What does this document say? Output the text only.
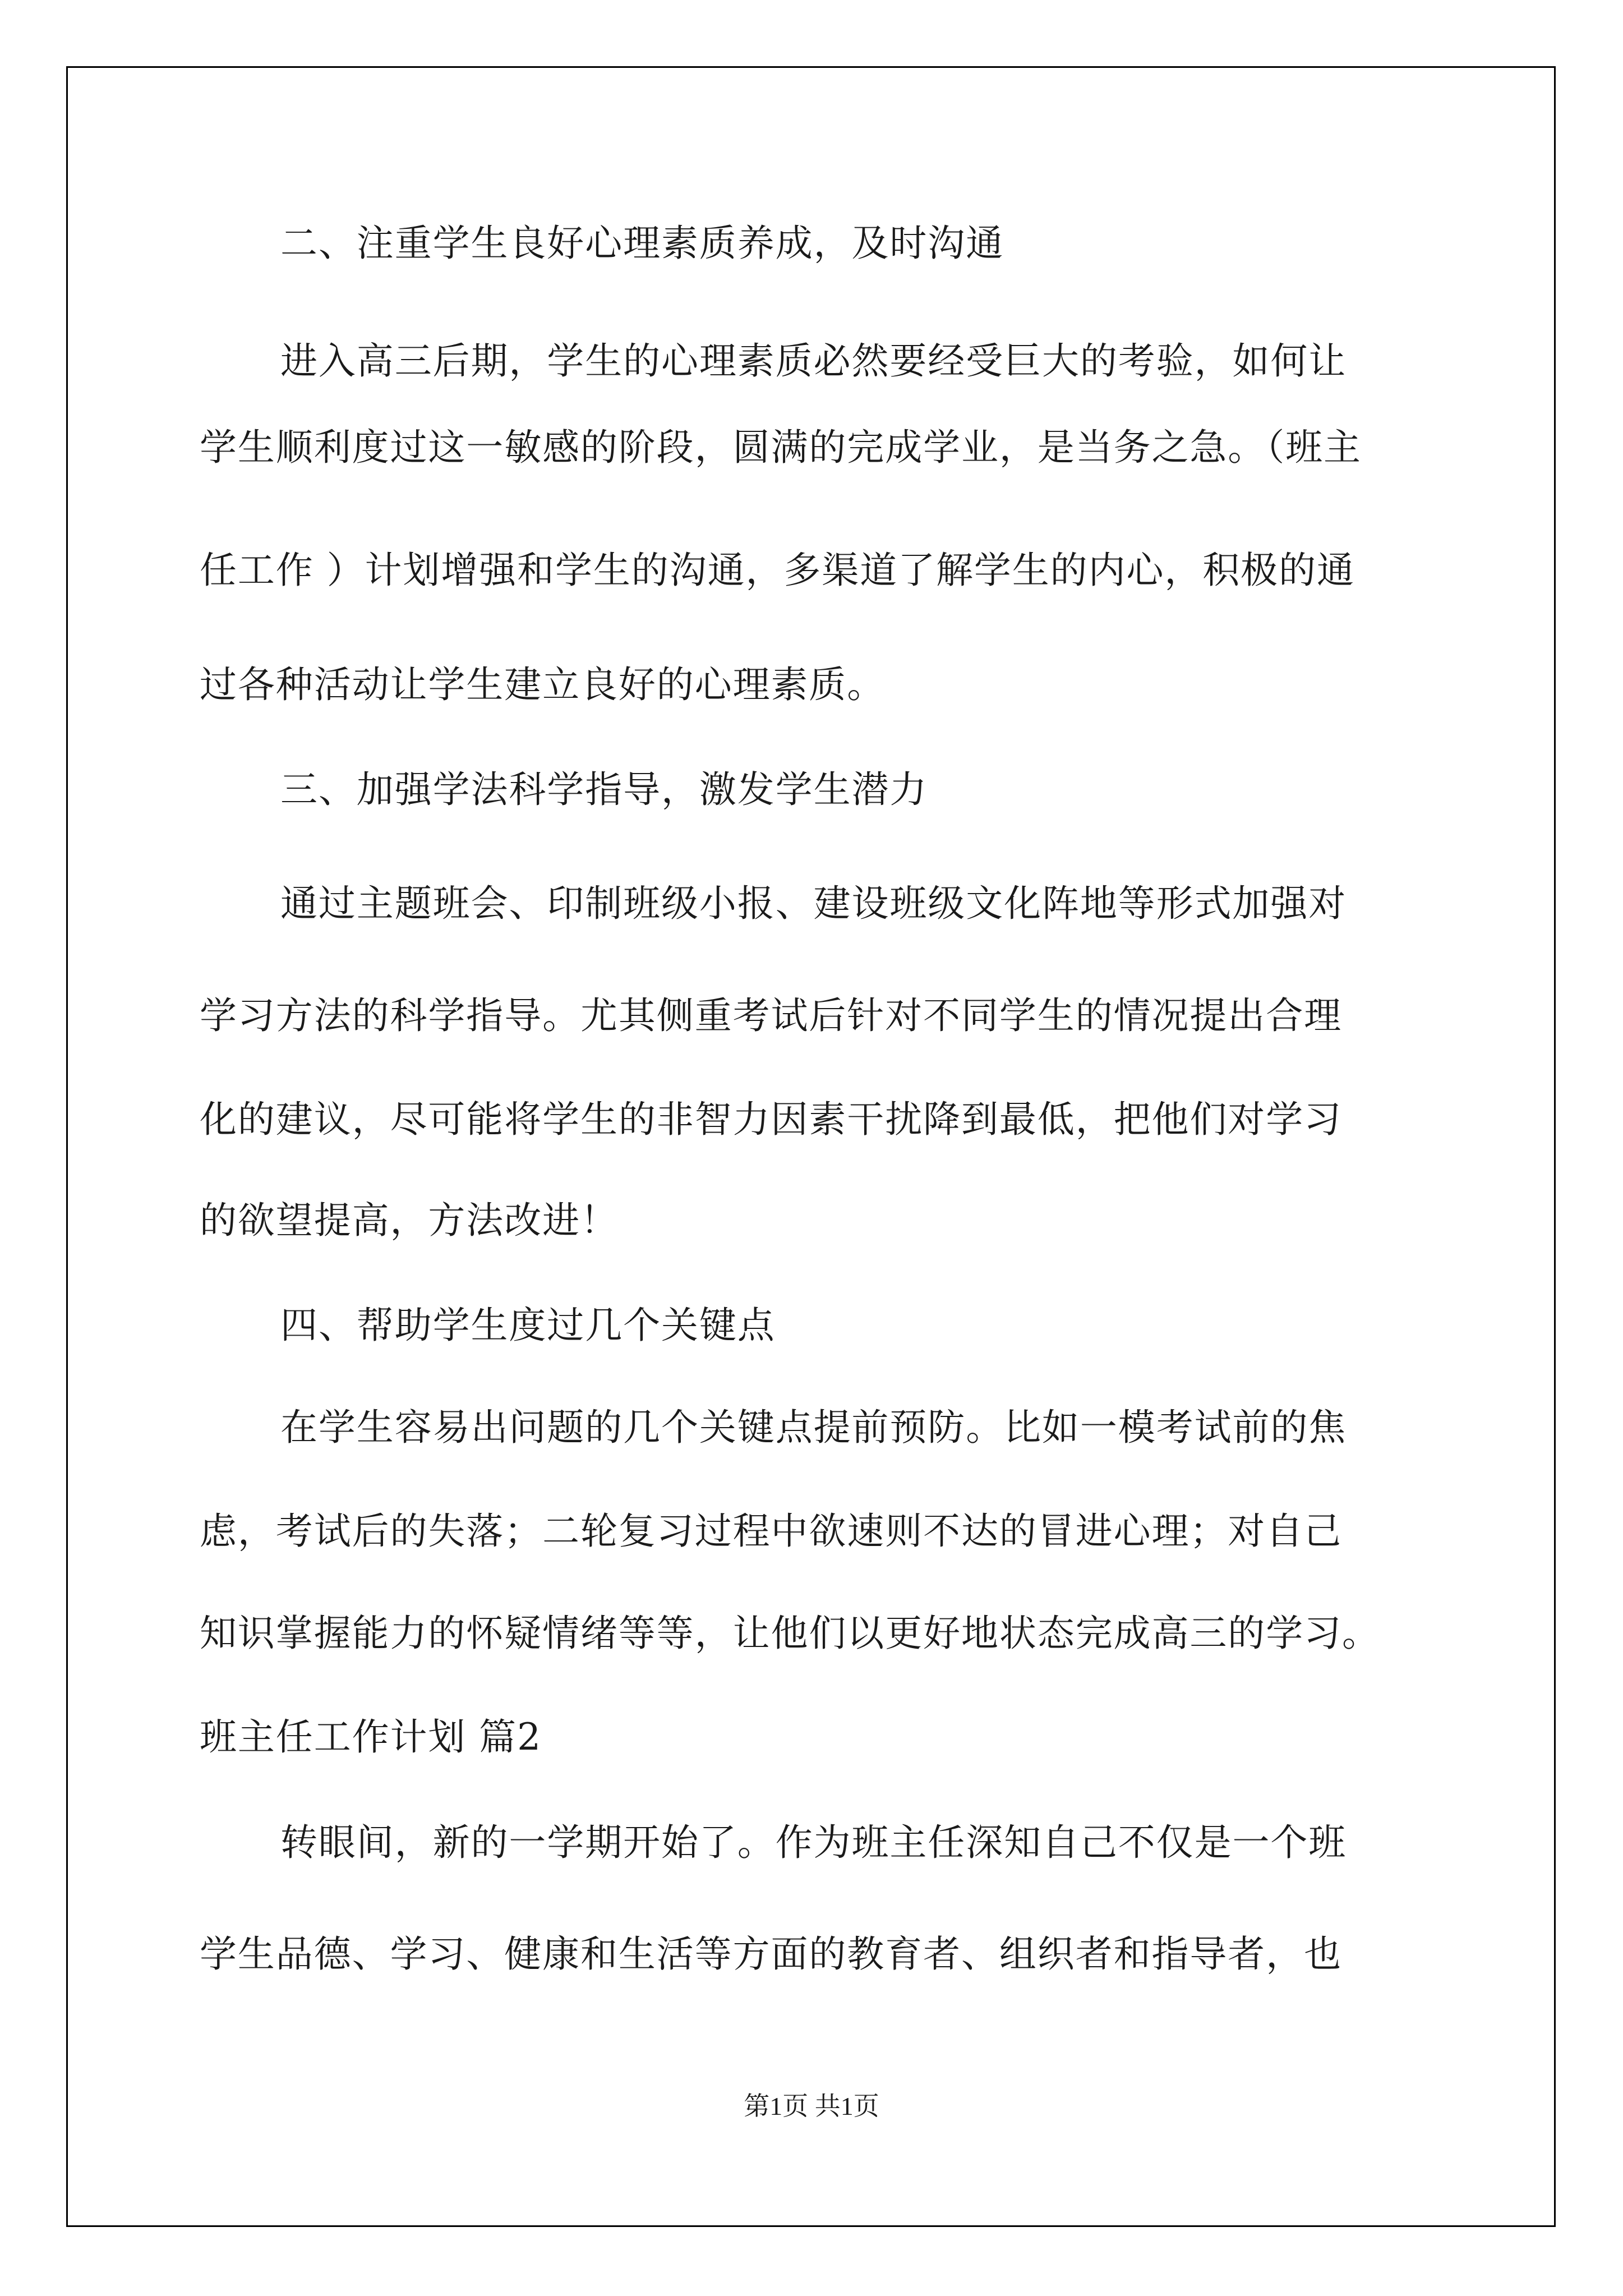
二、注重学生良好心理素质养成，及时沟通
进入高三后期，学生的心理素质必然要经受巨大的考验，如何让
学生顺利度过这一敏感的阶段，圆满的完成学业，是当务之急。（班主
任工作 ）计划增强和学生的沟通，多渠道了解学生的内心，积极的通
过各种活动让学生建立良好的心理素质。
三、加强学法科学指导，激发学生潜力
通过主题班会、印制班级小报、建设班级文化阵地等形式加强对
学习方法的科学指导。尤其侧重考试后针对不同学生的情况提出合理
化的建议，尽可能将学生的非智力因素干扰降到最低，把他们对学习
的欲望提高，方法改进！
四、帮助学生度过几个关键点
在学生容易出问题的几个关键点提前预防。比如一模考试前的焦
虑，考试后的失落；二轮复习过程中欲速则不达的冒进心理；对自己
知识掌握能力的怀疑情绪等等，让他们以更好地状态完成高三的学习。
班主任工作计划 篇2
转眼间，新的一学期开始了。作为班主任深知自己不仅是一个班
学生品德、学习、健康和生活等方面的教育者、组织者和指导者，也
第1页 共1页
